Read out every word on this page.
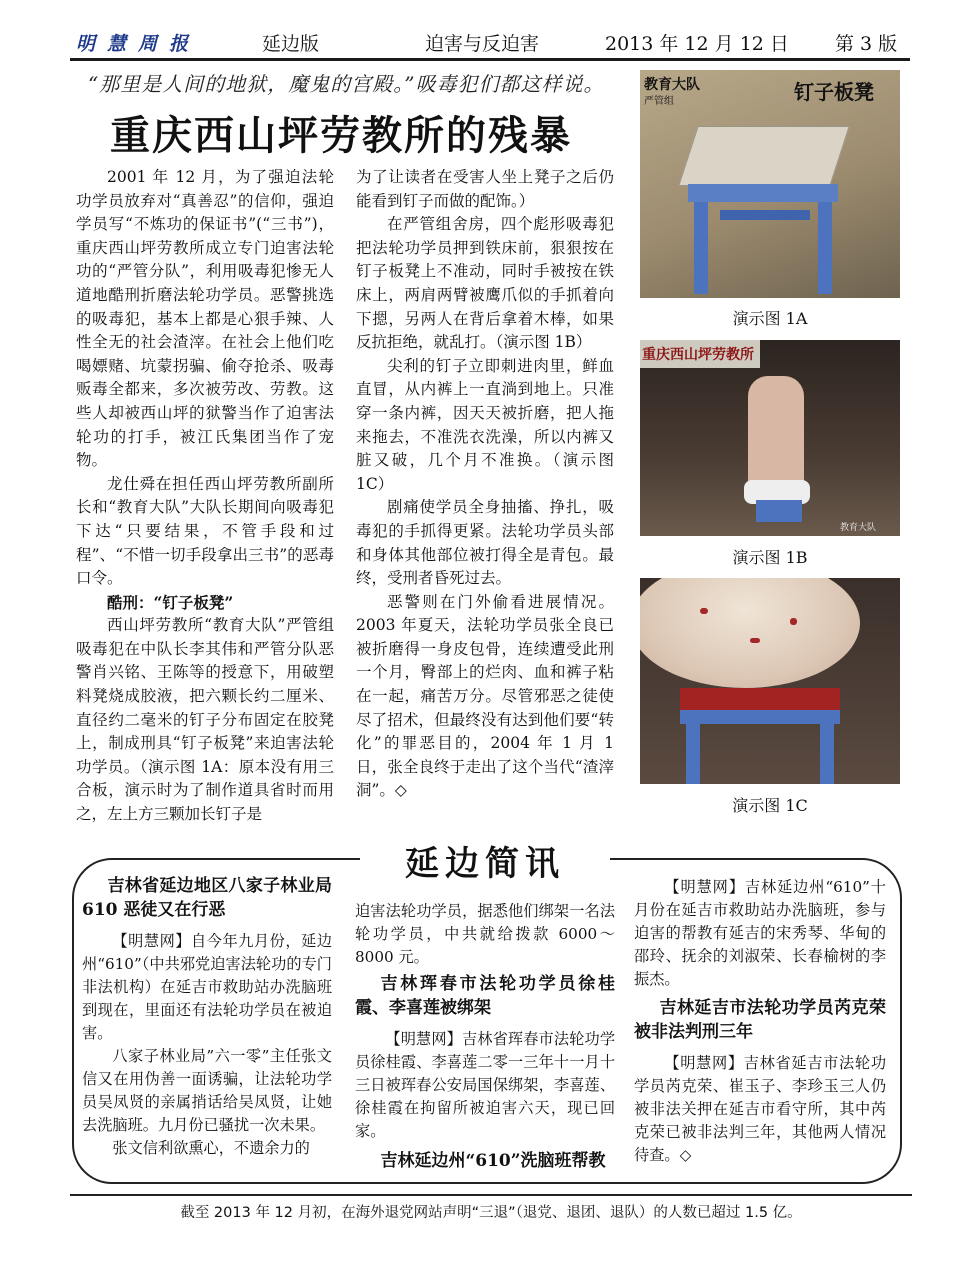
明慧周报	延边版	迫害与反迫害	2013 年 12 月 12 日 第 3 版
“那里是人间的地狱，魔鬼的宫殿。”吸毒犯们都这样说。
重庆西山坪劳教所的残暴

2001 年 12 月，为了强迫法轮功学员放弃对“真善忍”的信仰，强迫学员写“不炼功的保证书”(“三书”)，重庆西山坪劳教所成立专门迫害法轮功的“严管分队”，利用吸毒犯惨无人道地酷刑折磨法轮功学员。恶警挑选的吸毒犯，基本上都是心狠手辣、人性全无的社会渣滓。在社会上他们吃喝嫖赌、坑蒙拐骗、偷夺抢杀、吸毒贩毒全都来，多次被劳改、劳教。这些人却被西山坪的狱警当作了迫害法轮功的打手，被江氏集团当作了宠物。

龙仕舜在担任西山坪劳教所副所长和“教育大队”大队长期间向吸毒犯下达“只要结果，不管手段和过程”、“不惜一切手段拿出三书”的恶毒口令。

酷刑：“钉子板凳”

西山坪劳教所“教育大队”严管组吸毒犯在中队长李其伟和严管分队恶警肖兴铭、王陈等的授意下，用破塑料凳烧成胶液，把六颗长约二厘米、直径约二毫米的钉子分布固定在胶凳上，制成刑具“钉子板凳”来迫害法轮功学员。（演示图 1A：原本没有用三合板，演示时为了制作道具省时而用之，左上方三颗加长钉子是

为了让读者在受害人坐上凳子之后仍能看到钉子而做的配饰。）

在严管组舍房，四个彪形吸毒犯把法轮功学员押到铁床前，狠狠按在钉子板凳上不准动，同时手被按在铁床上，两肩两臂被鹰爪似的手抓着向下摁，另两人在背后拿着木棒，如果反抗拒绝，就乱打。（演示图 1B）

尖利的钉子立即刺进肉里，鲜血直冒，从内裤上一直淌到地上。只准穿一条内裤，因天天被折磨，把人拖来拖去，不准洗衣洗澡，所以内裤又脏又破，几个月不准换。（演示图 1C）

剧痛使学员全身抽搐、挣扎，吸毒犯的手抓得更紧。法轮功学员头部和身体其他部位被打得全是青包。最终，受刑者昏死过去。

恶警则在门外偷看进展情况。2003 年夏天，法轮功学员张全良已被折磨得一身皮包骨，连续遭受此刑一个月，臀部上的烂肉、血和裤子粘在一起，痛苦万分。尽管邪恶之徒使尽了招术，但最终没有达到他们要“转化”的罪恶目的，2004 年 1 月 1 日，张全良终于走出了这个当代“渣滓洞”。◇

教育大队
严管组	钉子板凳
演示图 1A
重庆西山坪劳教所
教育大队
演示图 1B
演示图 1C
延边简讯

吉林省延边地区八家子林业局 610 恶徒又在行恶

【明慧网】自今年九月份，延边州“610”（中共邪党迫害法轮功的专门非法机构）在延吉市救助站办洗脑班到现在，里面还有法轮功学员在被迫害。

八家子林业局”六一零”主任张文信又在用伪善一面诱骗，让法轮功学员吴凤贤的亲属捎话给吴凤贤，让她去洗脑班。九月份已骚扰一次未果。

张文信利欲熏心，不遗余力的

迫害法轮功学员，据悉他们绑架一名法轮功学员，中共就给拨款 6000～8000 元。

吉林珲春市法轮功学员徐桂霞、李喜莲被绑架

【明慧网】吉林省珲春市法轮功学员徐桂霞、李喜莲二零一三年十一月十三日被珲春公安局国保绑架，李喜莲、徐桂霞在拘留所被迫害六天，现已回家。

吉林延边州“610”洗脑班帮教

【明慧网】吉林延边州“610”十月份在延吉市救助站办洗脑班，参与迫害的帮教有延吉的宋秀琴、华甸的邵玲、抚余的刘淑荣、长春榆树的李振杰。

吉林延吉市法轮功学员芮克荣被非法判刑三年

【明慧网】吉林省延吉市法轮功学员芮克荣、崔玉子、李珍玉三人仍被非法关押在延吉市看守所，其中芮克荣已被非法判三年，其他两人情况待查。◇

截至 2013 年 12 月初，在海外退党网站声明“三退”（退党、退团、退队）的人数已超过 1.5 亿。
